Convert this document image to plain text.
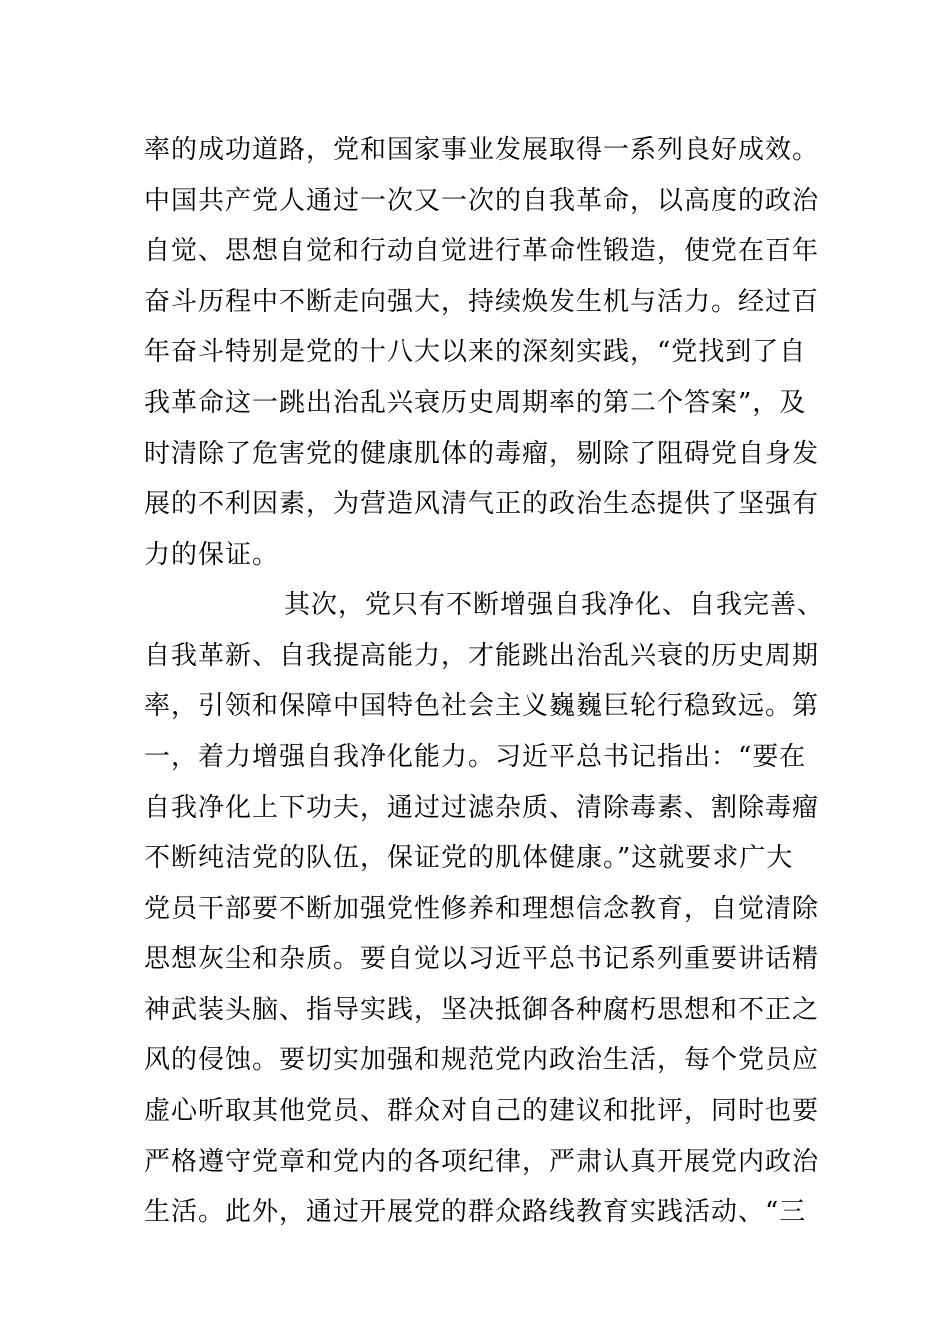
率的成功道路，党和国家事业发展取得一系列良好成效。
中国共产党人通过一次又一次的自我革命，以高度的政治
自觉、思想自觉和行动自觉进行革命性锻造，使党在百年
奋斗历程中不断走向强大，持续焕发生机与活力。经过百
年奋斗特别是党的十八大以来的深刻实践，“党找到了自
我革命这一跳出治乱兴衰历史周期率的第二个答案”，及
时清除了危害党的健康肌体的毒瘤，剔除了阻碍党自身发
展的不利因素，为营造风清气正的政治生态提供了坚强有
力的保证。
其次，党只有不断增强自我净化、自我完善、
自我革新、自我提高能力，才能跳出治乱兴衰的历史周期
率，引领和保障中国特色社会主义巍巍巨轮行稳致远。第
一，着力增强自我净化能力。习近平总书记指出：“要在
自我净化上下功夫，通过过滤杂质、清除毒素、割除毒瘤
不断纯洁党的队伍，保证党的肌体健康。”这就要求广大
党员干部要不断加强党性修养和理想信念教育，自觉清除
思想灰尘和杂质。要自觉以习近平总书记系列重要讲话精
神武装头脑、指导实践，坚决抵御各种腐朽思想和不正之
风的侵蚀。要切实加强和规范党内政治生活，每个党员应
虚心听取其他党员、群众对自己的建议和批评，同时也要
严格遵守党章和党内的各项纪律，严肃认真开展党内政治
生活。此外，通过开展党的群众路线教育实践活动、“三
